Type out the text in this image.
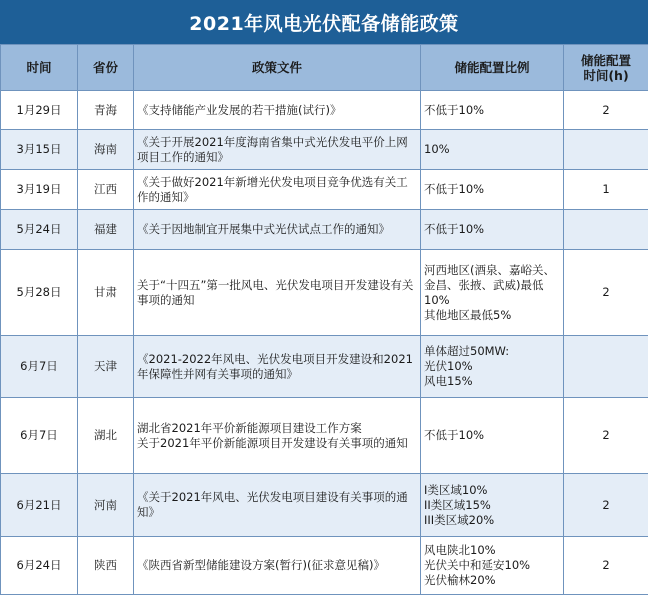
2021年风电光伏配备储能政策
时间	省份	政策文件	储能配置比例	储能配置
时间(h)

1月29日	青海	《支持储能产业发展的若干措施(试行)》	不低于10%	2
3月15日	海南	《关于开展2021年度海南省集中式光伏发电平价上网项目工作的通知》	10%	

3月19日	江西	《关于做好2021年新增光伏发电项目竞争优选有关工作的通知》	不低于10%	1
5月24日	福建	《关于因地制宜开展集中式光伏试点工作的通知》	不低于10%	

5月28日	甘肃	关于“十四五”第一批风电、光伏发电项目开发建设有关事项的通知	河西地区(酒泉、嘉峪关、金昌、张掖、武威)最低10%
其他地区最低5%	2
6月7日	天津	《2021-2022年风电、光伏发电项目开发建设和2021年保障性并网有关事项的通知》	单体超过50MW:
光伏10%
风电15%	

6月7日	湖北	湖北省2021年平价新能源项目建设工作方案
关于2021年平价新能源项目开发建设有关事项的通知	不低于10%	2
6月21日	河南	《关于2021年风电、光伏发电项目建设有关事项的通知》	I类区域10%
II类区域15%
III类区域20%	2
6月24日	陕西	《陕西省新型储能建设方案(暂行)(征求意见稿)》	风电陕北10%
光伏关中和延安10%
光伏榆林20%	2
